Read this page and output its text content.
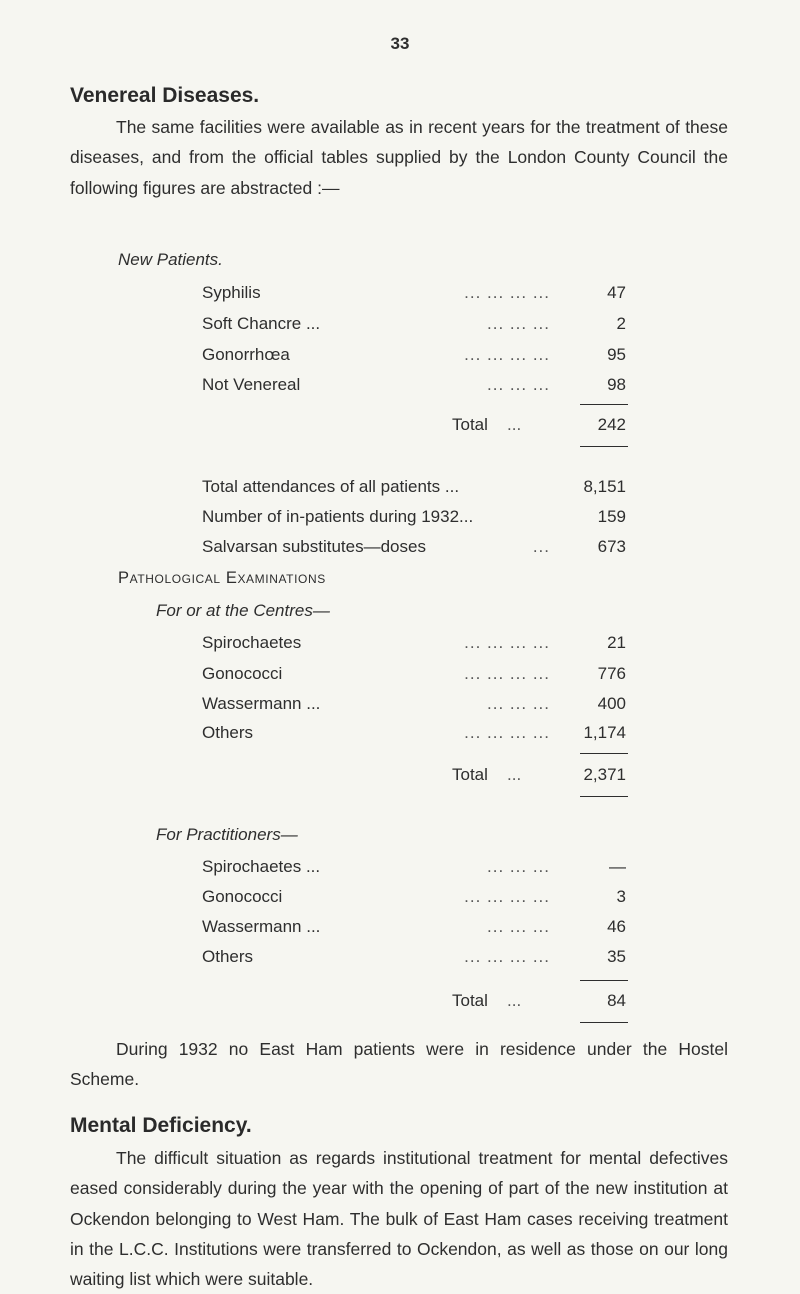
33
Venereal Diseases.

The same facilities were available as in recent years for the treatment of these diseases, and from the official tables supplied by the London County Council the following figures are abstracted :—

New Patients.
Syphilis	... ... ... ...	47
Soft Chancre ...	... ... ...	2
Gonorrhœa	... ... ... ...	95
Not Venereal	... ... ...	98
Total ...	242
Total attendances of all patients ...	8,151
Number of in-patients during 1932...	159
Salvarsan substitutes—doses	...	673
Pathological Examinations
For or at the Centres—
Spirochaetes	... ... ... ...	21
Gonococci	... ... ... ...	776
Wassermann ...	... ... ...	400
Others	... ... ... ... 1,174
Total ...	2,371
For Practitioners—
Spirochaetes ...	... ... ...	—
Gonococci	... ... ... ...	3
Wassermann ...	... ... ...	46
Others	... ... ... ...	35
Total ...	84

During 1932 no East Ham patients were in residence under the Hostel Scheme.

Mental Deficiency.

The difficult situation as regards institutional treatment for mental defectives eased considerably during the year with the opening of part of the new institution at Ockendon belonging to West Ham. The bulk of East Ham cases receiving treatment in the L.C.C. Institutions were transferred to Ockendon, as well as those on our long waiting list which were suitable.
